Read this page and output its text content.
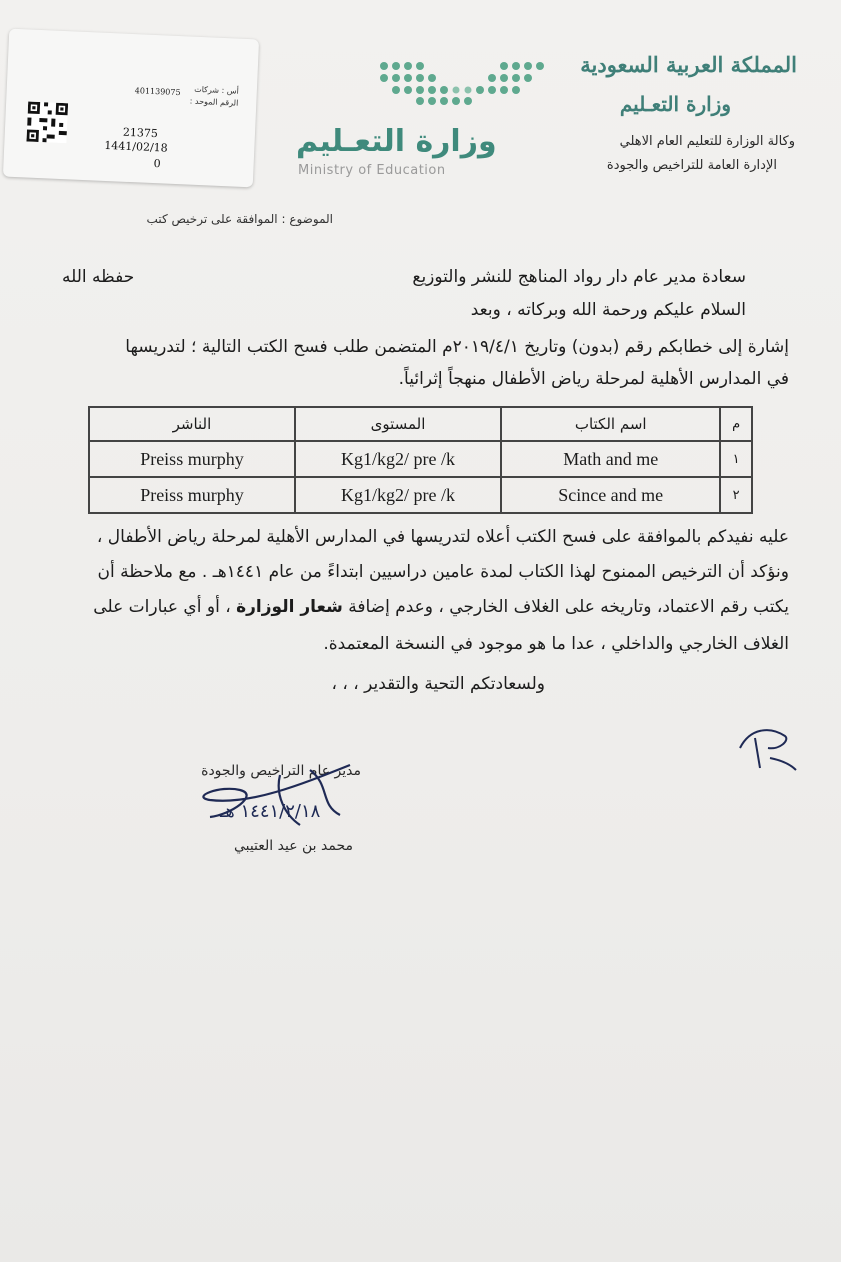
أس : شركات
الرقم الموحد :
401139075
21375
1441/02/18
0
وزارة التعـليم
Ministry of Education
المملكة العربية السعودية
وزارة التعـليم
وكالة الوزارة للتعليم العام الاهلي
الإدارة العامة للتراخيص والجودة
الموضوع : الموافقة على ترخيص كتب
سعادة مدير عام دار رواد المناهج للنشر والتوزيع
حفظه الله
السلام عليكم ورحمة الله وبركاته ، وبعد
إشارة إلى خطابكم رقم (بدون) وتاريخ ٢٠١٩/٤/١م المتضمن طلب فسح الكتب التالية ؛ لتدريسها
في المدارس الأهلية لمرحلة رياض الأطفال منهجاً إثرائياً.
م	اسم الكتاب	المستوى	الناشر
١	Math and me	Kg1/kg2/ pre /k	Preiss murphy
٢	Scince and me	Kg1/kg2/ pre /k	Preiss murphy
عليه نفيدكم بالموافقة على فسح الكتب أعلاه لتدريسها في المدارس الأهلية لمرحلة رياض الأطفال ،
ونؤكد أن الترخيص الممنوح لهذا الكتاب لمدة عامين دراسيين ابتداءً من عام ١٤٤١هـ . مع ملاحظة أن
يكتب رقم الاعتماد، وتاريخه على الغلاف الخارجي ، وعدم إضافة شعار الوزارة ، أو أي عبارات على
الغلاف الخارجي والداخلي ، عدا ما هو موجود في النسخة المعتمدة.
ولسعادتكم التحية والتقدير ، ، ،
مدير عام التراخيص والجودة
١٤٤١/٢/١٨ هـ
محمد بن عيد العتيبي
